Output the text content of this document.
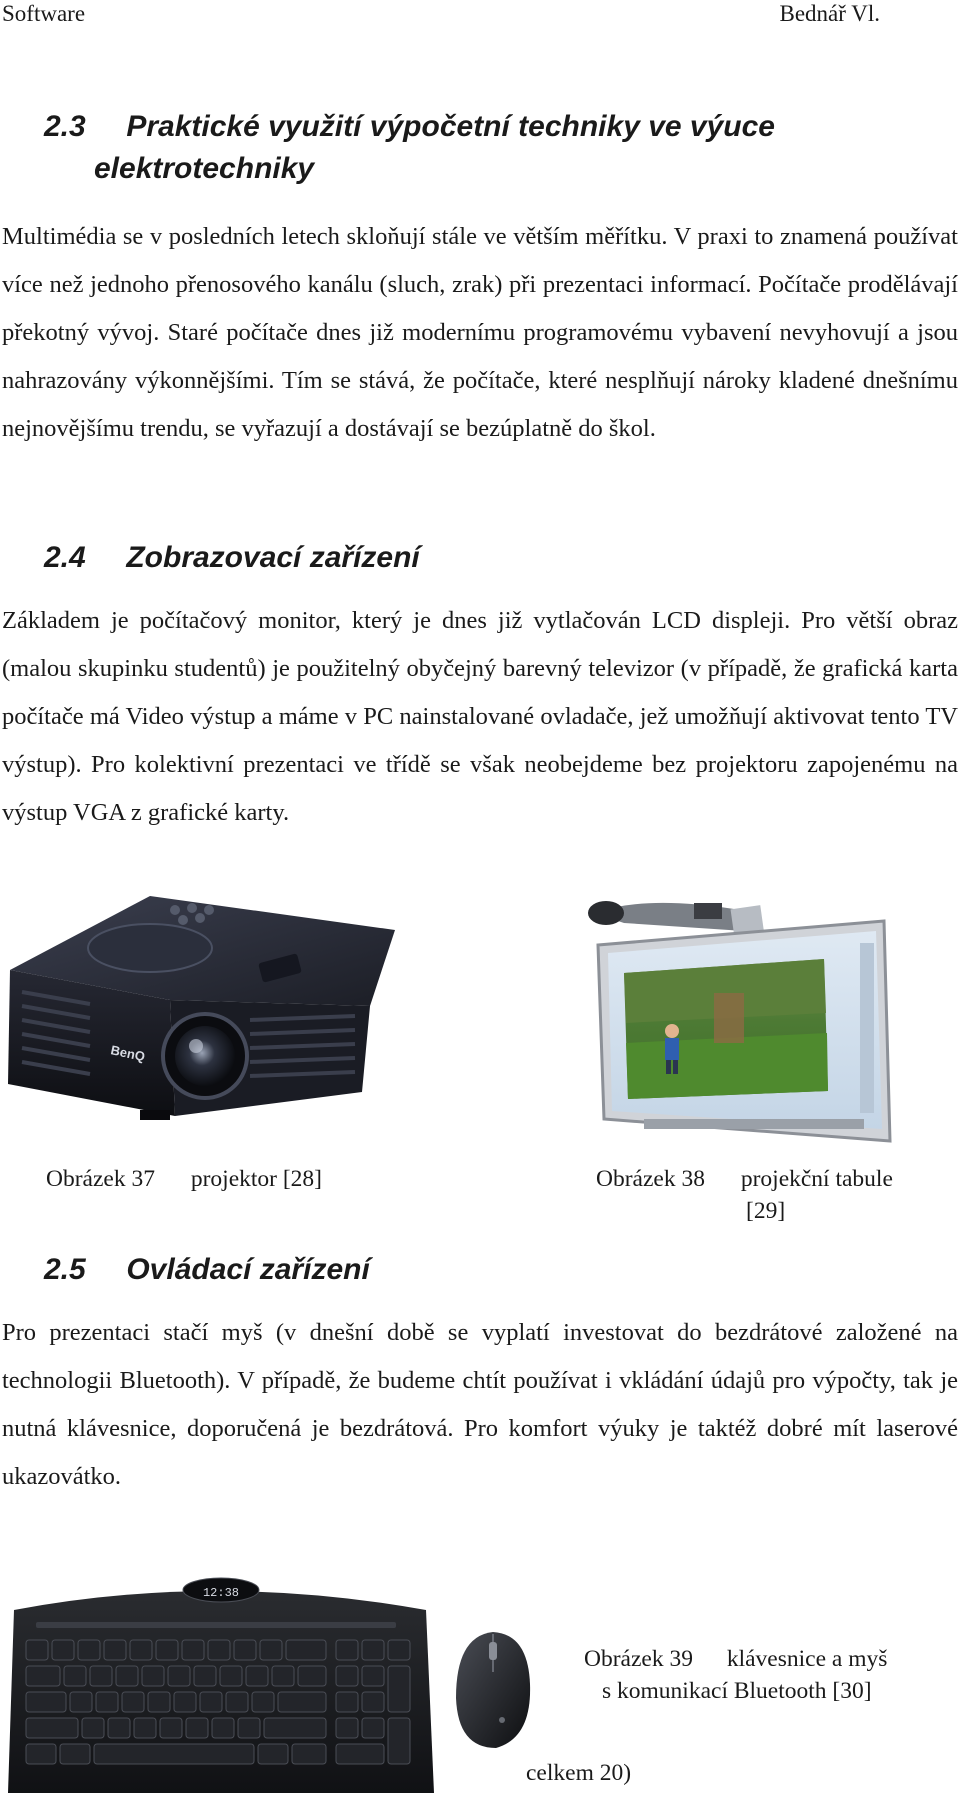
Software	Bednář Vl.
2.3 Praktické využití výpočetní techniky ve výuce
elektrotechniky
Multimédia se v posledních letech skloňují stále ve větším měřítku. V praxi to znamená používat více než jednoho přenosového kanálu (sluch, zrak) při prezentaci informací. Počítače prodělávají překotný vývoj. Staré počítače dnes již modernímu programovému vybavení nevyhovují a jsou nahrazovány výkonnějšími. Tím se stává, že počítače, které nesplňují nároky kladené dnešnímu nejnovějšímu trendu, se vyřazují a dostávají se bezúplatně do škol.
2.4 Zobrazovací zařízení
Základem je počítačový monitor, který je dnes již vytlačován LCD displeji. Pro větší obraz (malou skupinku studentů) je použitelný obyčejný barevný televizor (v případě, že grafická karta počítače má Video výstup a máme v PC nainstalované ovladače, jež umožňují aktivovat tento TV výstup). Pro kolektivní prezentaci ve třídě se však neobejdeme bez projektoru zapojenému na výstup VGA z grafické karty.
BenQ
Obrázek 37 projektor [28]	Obrázek 38 projekční tabule
[29]
2.5 Ovládací zařízení
Pro prezentaci stačí myš (v dnešní době se vyplatí investovat do bezdrátové založené na technologii Bluetooth). V případě, že budeme chtít používat i vkládání údajů pro výpočty, tak je nutná klávesnice, doporučená je bezdrátová. Pro komfort výuky je taktéž dobré mít laserové ukazovátko.
12:38
Obrázek 39 klávesnice a myš
s komunikací Bluetooth [30]
celkem 20)
